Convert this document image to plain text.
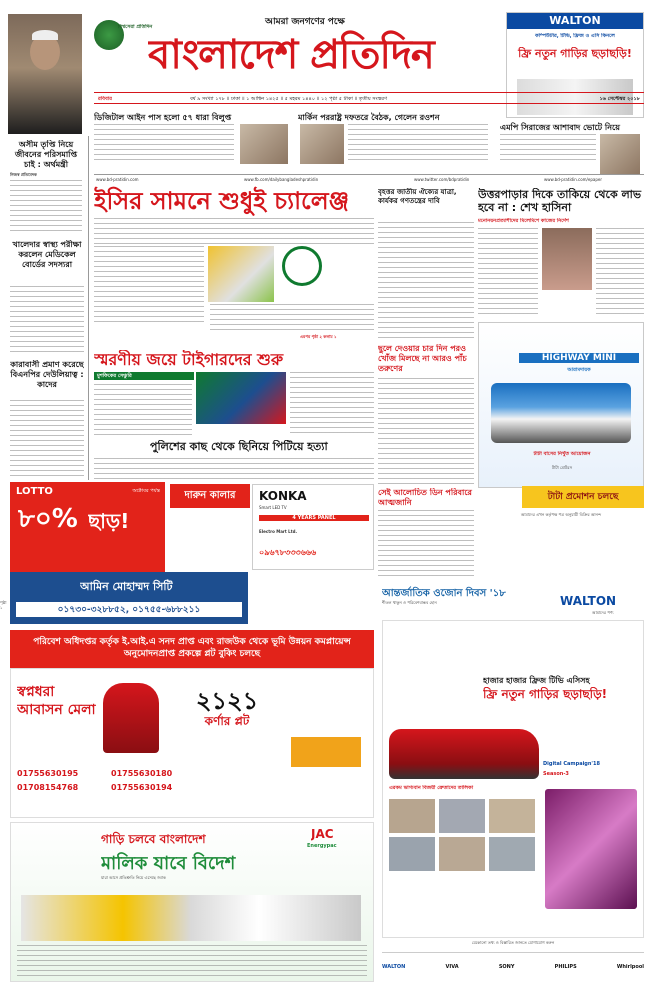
বিশ্বসেরা প্রতিদিন	আমরা জনগণের পক্ষে
বাংলাদেশ প্রতিদিন
WALTON
কম্পিউটার, টিভি, ফ্রিজ ও এসি কিনলে
ফ্রি নতুন গাড়ির ছড়াছড়ি!
রবিবার	বর্ষ ৯ সংখ্যা ১৭৮ ॥ ঢাকা ॥ ১ আশ্বিন ১৪২৫ ॥ ৫ মহরম ১৪৪০ ॥ ১২ পৃষ্ঠা ৫ টাকা ॥ তৃতীয় সংস্করণ	১৬ সেপ্টেম্বর ২০১৮
অসীম তৃপ্তি নিয়ে জীবনের পরিসমাপ্তি চাই : অর্থমন্ত্রী
নিজস্ব প্রতিবেদক
ডিজিটাল আইন পাস হলো ৫৭ ধারা বিলুপ্ত	মার্কিন পররাষ্ট্র দফতরে বৈঠক, গেলেন রওশন
এমপি সিরাজের আশাবাদ ভোটে নিয়ে
www.bd-pratidin.com	www.fb.com/dailybangladeshpratidin	www.twitter.com/bdpratidin	www.bd-pratidin.com/epaper
ইসির সামনে শুধুই চ্যালেঞ্জ
এরপর পৃষ্ঠা ২ কলাম ১
বৃহত্তর জাতীয় ঐক্যের যাত্রা, কার্যকর গণতন্ত্রের দাবি	উত্তরপাড়ার দিকে তাকিয়ে থেকে লাভ হবে না : শেখ হাসিনা
মনোনয়নপ্রত্যাশীদের মিলেমিশে কাজের নির্দেশ
খালেদার স্বাস্থ্য পরীক্ষা করলেন মেডিকেল বোর্ডের সদস্যরা
কারাবাসী প্রমাণ করেছে বিএনপির দেউলিয়াত্ব : কাদের
স্মরণীয় জয়ে টাইগারদের শুরু
মুশফিকের সেঞ্চুরি
পুলিশের কাছ থেকে ছিনিয়ে পিটিয়ে হত্যা
ছুলে দেওয়ার চার দিন পরও খোঁজ মিলছে না আরও পাঁচ তরুণের
সেই আলোচিত ডিন পরিবারে আত্মজানি
HIGHWAY MINI
আরামদায়ক
টাটা বাসের নিখুঁত আয়োজন
টাটা মোটরস
LOTTO	অক্টোবর পর্যন্ত
৮০% ছাড়!
আমিন মোহাম্মদ সিটি
০১৭৩০-৩২৮৮৫২, ০১৭৫৫-৬৮৮২১১
দারুন কালার	KONKA
Smart LED TV
4 YEARS PANEL
Electro Mart Ltd.
০৯৬৭৮৩৩৩৬৬৬
পরিবেশ অধিদপ্তর কর্তৃক ই.আই.এ সনদ প্রাপ্ত এবং রাজউক থেকে ভূমি উন্নয়ন কমপ্লায়েন্স অনুমোদনপ্রাপ্ত প্রকল্পে প্লট বুকিং চলছে
স্বপ্নধরা আবাসন মেলা	২১২১
কর্ণার প্লট
01755630195	01755630180
01708154768	01755630194
JAC
Energypac
গাড়ি চলবে বাংলাদেশ
মালিক যাবে বিদেশ
যারা আসে প্রতিশ্রুতি নিয়ে এসেছে জ্যাক
আন্তর্জাতিক ওজোন দিবস '১৮
শীতল থাকুন ও পরিবেশবান্ধব হোন	WALTON
আমাদের পণ্য
হাজার হাজার ফ্রিজ টিভি এসিসহ
ফ্রি নতুন গাড়ির ছড়াছড়ি!
Digital Campaign'18
Season-3
এরকম ভাগ্যবান বিজয়ী ক্রেতাদের তালিকা
টাটা প্রমোশন চলছে
আমাদের এখন কর্তৃপক্ষ পত্র অনুযায়ী বিক্রির আনন্দ
যেকোনো তথ্য ও বিস্তারিত জানতে যোগাযোগ করুন
WALTON	VIVA	SONY	PHILIPS	Whirlpool
পৃষ্ঠা ১
